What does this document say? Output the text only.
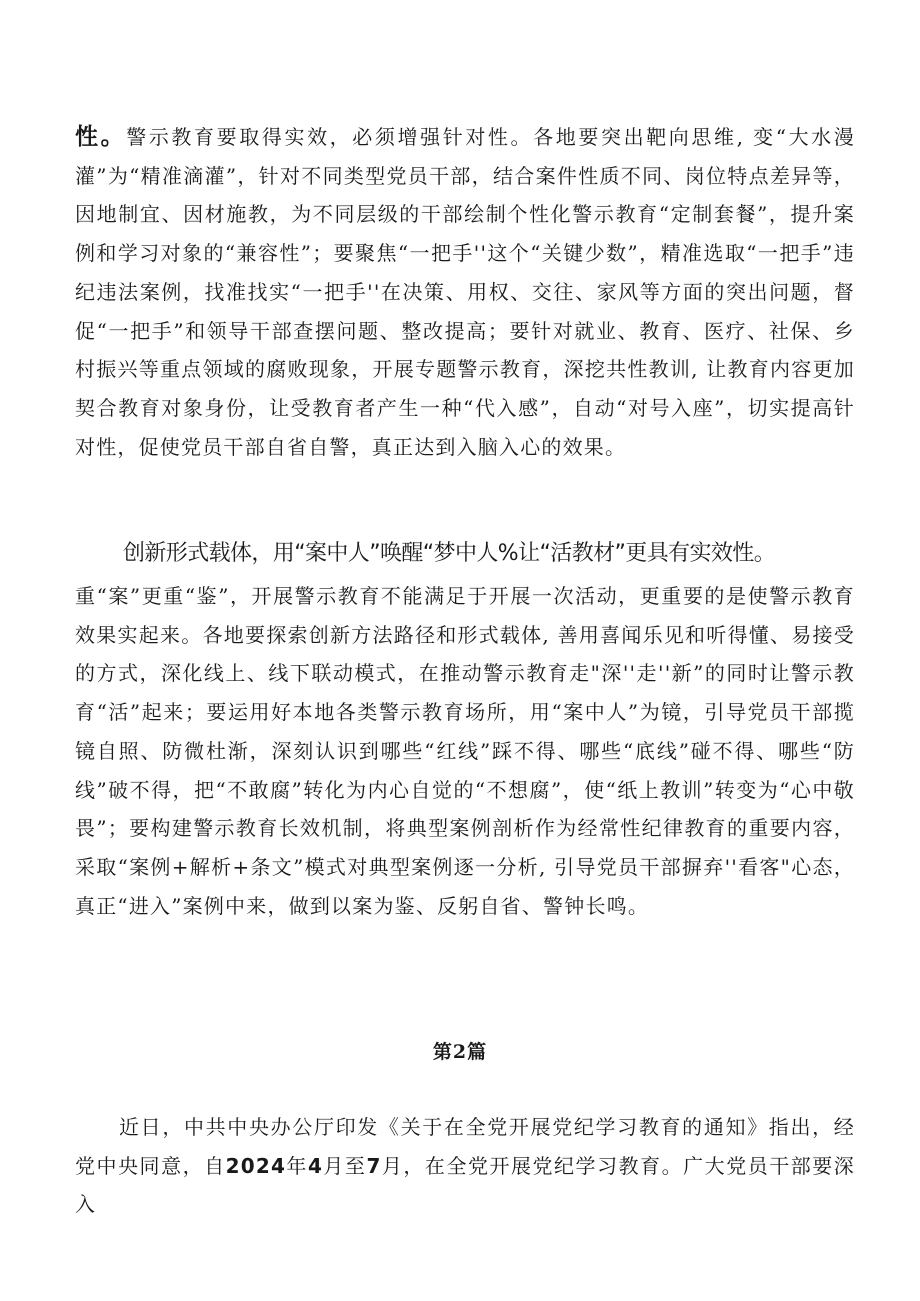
性。警示教育要取得实效，必须增强针对性。各地要突出靶向思维, 变“大水漫灌”为“精准滴灌”，针对不同类型党员干部，结合案件性质不同、岗位特点差异等，因地制宜、因材施教，为不同层级的干部绘制个性化警示教育“定制套餐”，提升案例和学习对象的“兼容性”；要聚焦“一把手''这个“关键少数”，精准选取“一把手”违纪违法案例，找准找实“一把手''在决策、用权、交往、家风等方面的突出问题，督促“一把手”和领导干部查摆问题、整改提高；要针对就业、教育、医疗、社保、乡村振兴等重点领域的腐败现象，开展专题警示教育，深挖共性教训, 让教育内容更加契合教育对象身份，让受教育者产生一种“代入感”，自动“对号入座”，切实提高针对性，促使党员干部自省自警，真正达到入脑入心的效果。

创新形式载体，用“案中人”唤醒“梦中人%让“活教材”更具有实效性。

重“案”更重“鉴”，开展警示教育不能满足于开展一次活动，更重要的是使警示教育效果实起来。各地要探索创新方法路径和形式载体, 善用喜闻乐见和听得懂、易接受的方式，深化线上、线下联动模式，在推动警示教育走"深''走''新”的同时让警示教育“活”起来；要运用好本地各类警示教育场所，用“案中人”为镜，引导党员干部揽镜自照、防微杜渐，深刻认识到哪些“红线”踩不得、哪些“底线”碰不得、哪些“防线”破不得，把“不敢腐”转化为内心自觉的“不想腐”，使“纸上教训”转变为“心中敬畏”；要构建警示教育长效机制，将典型案例剖析作为经常性纪律教育的重要内容，采取“案例+解析+条文”模式对典型案例逐一分析, 引导党员干部摒弃''看客"心态，真正“进入”案例中来，做到以案为鉴、反躬自省、警钟长鸣。

第2篇

近日，中共中央办公厅印发《关于在全党开展党纪学习教育的通知》指出，经党中央同意，自2024年4月至7月，在全党开展党纪学习教育。广大党员干部要深入
